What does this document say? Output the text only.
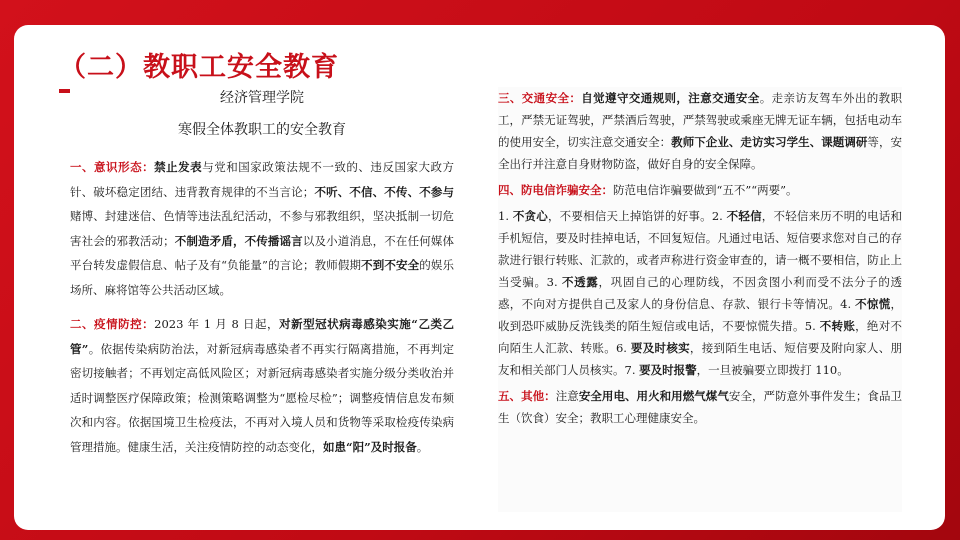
（二）教职工安全教育
经济管理学院
寒假全体教职工的安全教育

一、意识形态：禁止发表与党和国家政策法规不一致的、违反国家大政方针、破坏稳定团结、违背教育规律的不当言论；不听、不信、不传、不参与赌博、封建迷信、色情等违法乱纪活动，不参与邪教组织，坚决抵制一切危害社会的邪教活动；不制造矛盾，不传播谣言以及小道消息，不在任何媒体平台转发虚假信息、帖子及有“负能量”的言论；教师假期不到不安全的娱乐场所、麻将馆等公共活动区域。

二、疫情防控：2023 年 1 月 8 日起，对新型冠状病毒感染实施“乙类乙管”。依据传染病防治法，对新冠病毒感染者不再实行隔离措施，不再判定密切接触者；不再划定高低风险区；对新冠病毒感染者实施分级分类收治并适时调整医疗保障政策；检测策略调整为“愿检尽检”；调整疫情信息发布频次和内容。依据国境卫生检疫法，不再对入境人员和货物等采取检疫传染病管理措施。健康生活，关注疫情防控的动态变化，如患“阳”及时报备。

三、交通安全：自觉遵守交通规则，注意交通安全。走亲访友驾车外出的教职工，严禁无证驾驶，严禁酒后驾驶，严禁驾驶或乘座无牌无证车辆，包括电动车的使用安全，切实注意交通安全：教师下企业、走访实习学生、课题调研等，安全出行并注意自身财物防盗，做好自身的安全保障。

四、防电信诈骗安全：防范电信诈骗要做到“五不”“两要”。

1. 不贪心，不要相信天上掉馅饼的好事。2. 不轻信，不轻信来历不明的电话和手机短信，要及时挂掉电话，不回复短信。凡通过电话、短信要求您对自己的存款进行银行转账、汇款的，或者声称进行资金审查的，请一概不要相信，防止上当受骗。3. 不透露，巩固自己的心理防线，不因贪图小利而受不法分子的透惑，不向对方提供自己及家人的身份信息、存款、银行卡等情况。4. 不惊慌，收到恐吓威胁反洗钱类的陌生短信或电话，不要惊慌失措。5. 不转账，绝对不向陌生人汇款、转账。6. 要及时核实，接到陌生电话、短信要及附向家人、朋友和相关部门人员核实。7. 要及时报警，一旦被骗要立即拨打 110。

五、其他：注意安全用电、用火和用燃气煤气安全，严防意外事件发生；食品卫生（饮食）安全；教职工心理健康安全。
